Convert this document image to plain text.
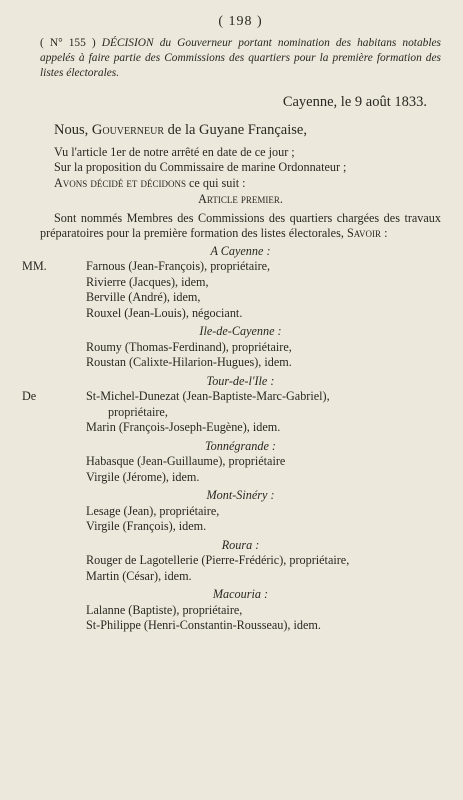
( 198 )
( N° 155 ) DÉCISION du Gouverneur portant nomination des habitans notables appelés à faire partie des Commissions des quartiers pour la première formation des listes électorales.
Cayenne, le 9 août 1833.
Nous, Gouverneur de la Guyane Française,
Vu l'article 1er de notre arrêté en date de ce jour ;
Sur la proposition du Commissaire de marine Ordonnateur ;
Avons décidé et décidons ce qui suit :
Article premier.
Sont nommés Membres des Commissions des quartiers chargées des travaux préparatoires pour la première formation des listes électorales, Savoir :
A Cayenne :
MM.	Farnous (Jean-François), propriétaire,
Rivierre (Jacques), idem,
Berville (André), idem,
Rouxel (Jean-Louis), négociant.
Ile-de-Cayenne :
Roumy (Thomas-Ferdinand), propriétaire,
Roustan (Calixte-Hilarion-Hugues), idem.
Tour-de-l'Ile :
De	St-Michel-Dunezat (Jean-Baptiste-Marc-Gabriel),
propriétaire,
Marin (François-Joseph-Eugène), idem.
Tonnégrande :
Habasque (Jean-Guillaume), propriétaire
Virgile (Jérome), idem.
Mont-Sinéry :
Lesage (Jean), propriétaire,
Virgile (François), idem.
Roura :
Rouger de Lagotellerie (Pierre-Frédéric), propriétaire,
Martin (César), idem.
Macouria :
Lalanne (Baptiste), propriétaire,
St-Philippe (Henri-Constantin-Rousseau), idem.
